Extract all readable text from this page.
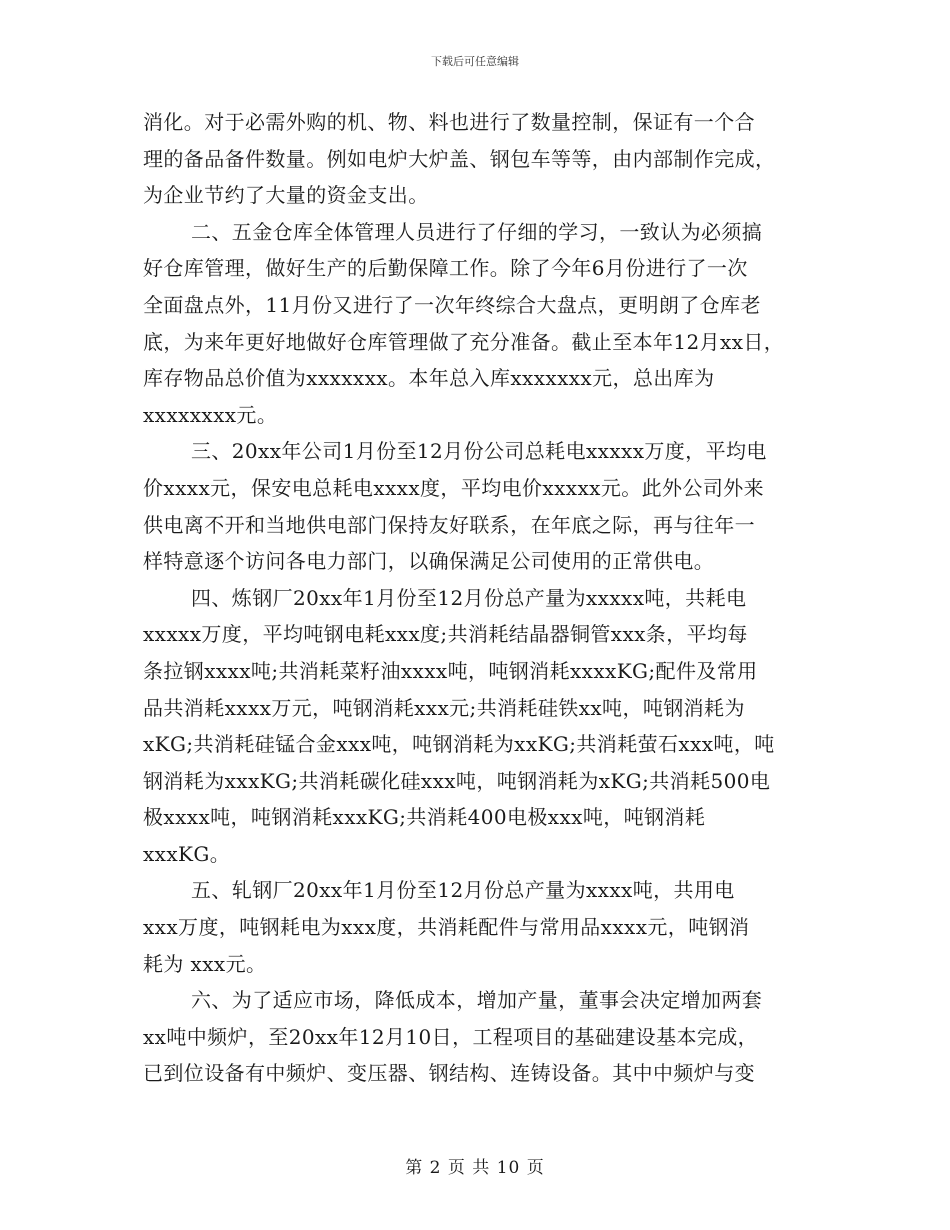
下载后可任意编辑
消化。对于必需外购的机、物、料也进行了数量控制，保证有一个合
理的备品备件数量。例如电炉大炉盖、钢包车等等，由内部制作完成，
为企业节约了大量的资金支出。
二、五金仓库全体管理人员进行了仔细的学习，一致认为必须搞
好仓库管理，做好生产的后勤保障工作。除了今年6月份进行了一次
全面盘点外，11月份又进行了一次年终综合大盘点，更明朗了仓库老
底，为来年更好地做好仓库管理做了充分准备。截止至本年12月xx日，
库存物品总价值为xxxxxxx。本年总入库xxxxxxx元，总出库为
xxxxxxxx元。
三、20xx年公司1月份至12月份公司总耗电xxxxx万度，平均电
价xxxx元，保安电总耗电xxxx度，平均电价xxxxx元。此外公司外来
供电离不开和当地供电部门保持友好联系，在年底之际，再与往年一
样特意逐个访问各电力部门，以确保满足公司使用的正常供电。
四、炼钢厂20xx年1月份至12月份总产量为xxxxx吨，共耗电
xxxxx万度，平均吨钢电耗xxx度;共消耗结晶器铜管xxx条，平均每
条拉钢xxxx吨;共消耗菜籽油xxxx吨，吨钢消耗xxxxKG;配件及常用
品共消耗xxxx万元，吨钢消耗xxx元;共消耗硅铁xx吨，吨钢消耗为
xKG;共消耗硅锰合金xxx吨，吨钢消耗为xxKG;共消耗萤石xxx吨，吨
钢消耗为xxxKG;共消耗碳化硅xxx吨，吨钢消耗为xKG;共消耗500电
极xxxx吨，吨钢消耗xxxKG;共消耗400电极xxx吨，吨钢消耗
xxxKG。
五、轧钢厂20xx年1月份至12月份总产量为xxxx吨，共用电
xxx万度，吨钢耗电为xxx度，共消耗配件与常用品xxxx元，吨钢消
耗为 xxx元。
六、为了适应市场，降低成本，增加产量，董事会决定增加两套
xx吨中频炉，至20xx年12月10日，工程项目的基础建设基本完成，
已到位设备有中频炉、变压器、钢结构、连铸设备。其中中频炉与变
第 2 页 共 10 页
